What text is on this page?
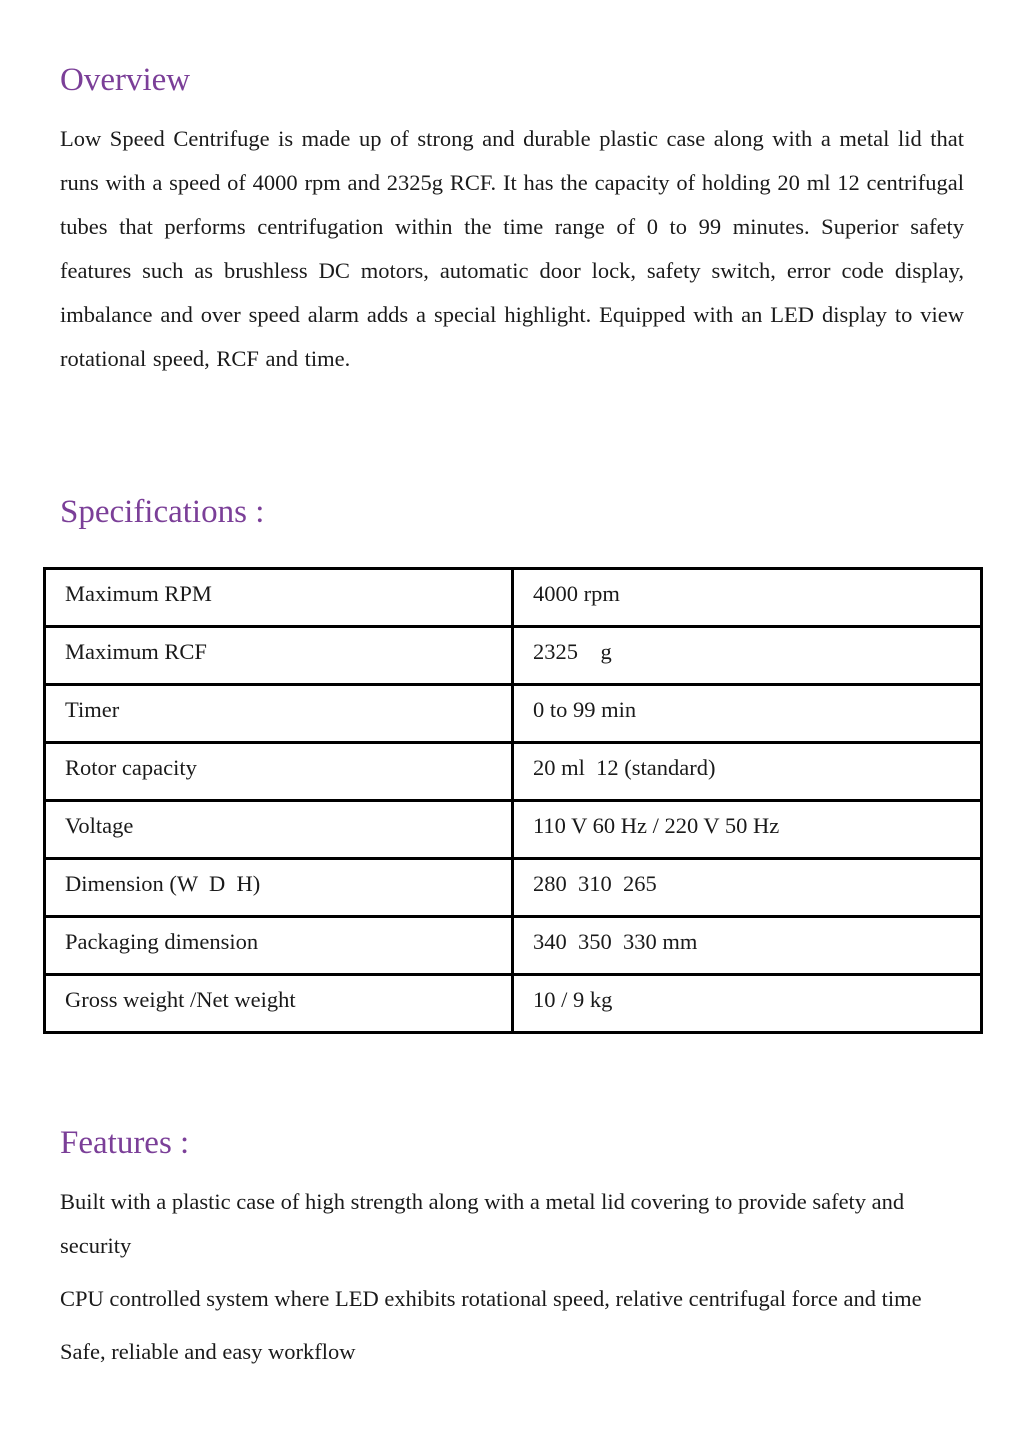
Overview

Low Speed Centrifuge is made up of strong and durable plastic case along with a metal lid that runs with a speed of 4000 rpm and 2325g RCF. It has the capacity of holding 20 ml 12 centrifugal tubes that performs centrifugation within the time range of 0 to 99 minutes. Superior safety features such as brushless DC motors, automatic door lock, safety switch, error code display, imbalance and over speed alarm adds a special highlight. Equipped with an LED display to view rotational speed, RCF and time.

Specifications :
Maximum RPM	4000 rpm
Maximum RCF	2325    g
Timer	0 to 99 min
Rotor capacity	20 ml  12 (standard)
Voltage	110 V 60 Hz / 220 V 50 Hz
Dimension (W  D  H)	280  310  265
Packaging dimension	340  350  330 mm
Gross weight /Net weight	10 / 9 kg
Features :
Built with a plastic case of high strength along with a metal lid covering to provide safety and security
CPU controlled system where LED exhibits rotational speed, relative centrifugal force and time
Safe, reliable and easy workflow
